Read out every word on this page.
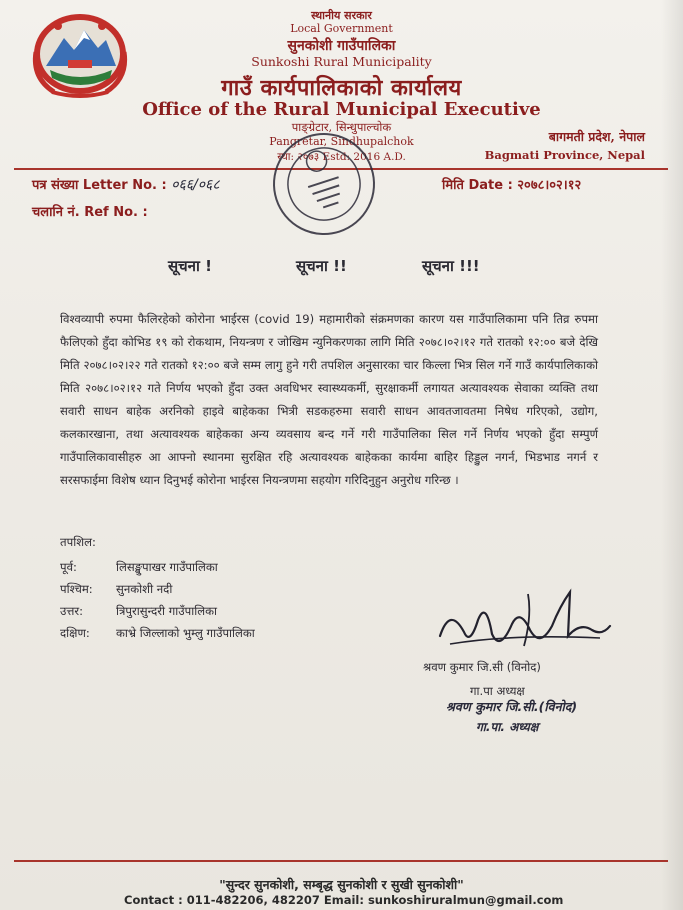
स्थानीय सरकार
Local Government
सुनकोशी गाउँपालिका
Sunkoshi Rural Municipality
गाउँ कार्यपालिकाको कार्यालय
Office of the Rural Municipal Executive
पाङ्ग्रेटार, सिन्धुपाल्चोक
Pangretar, Sindhupalchok
स्था: २०७३ Estd: 2016 A.D.
बागमती प्रदेश, नेपाल
Bagmati Province, Nepal
पत्र संख्या Letter No. : ०६६/०६८
चलानि नं. Ref No. :
मिति Date : २०७८।०२।१२
सूचना !	सूचना !!	सूचना !!!

विश्वव्यापी रुपमा फैलिरहेको कोरोना भाईरस (covid 19) महामारीको संक्रमणका कारण यस गाउँपालिकामा पनि तिव्र रुपमा फैलिएको हुँदा कोभिड १९ को रोकथाम, नियन्त्रण र जोखिम न्युनिकरणका लागि मिति २०७८।०२।१२ गते रातको १२:०० बजे देखि मिति २०७८।०२।२२ गते रातको १२:०० बजे सम्म लागु हुने गरी तपशिल अनुसारका चार किल्ला भित्र सिल गर्ने गाउँ कार्यपालिकाको मिति २०७८।०२।१२ गते निर्णय भएको हुँदा उक्त अवधिभर स्वास्थ्यकर्मी, सुरक्षाकर्मी लगायत अत्यावश्यक सेवाका व्यक्ति तथा सवारी साधन बाहेक अरनिको हाइवे बाहेकका भित्री सडकहरुमा सवारी साधन आवतजावतमा निषेध गरिएको, उद्योग, कलकारखाना, तथा अत्यावश्यक बाहेकका अन्य व्यवसाय बन्द गर्ने गरी गाउँपालिका सिल गर्ने निर्णय भएको हुँदा सम्पुर्ण गाउँपालिकावासीहरु आ आफ्नो स्थानमा सुरक्षित रहि अत्यावश्यक बाहेकका कार्यमा बाहिर हिड्डुल नगर्न, भिडभाड नगर्न र सरसफाईमा विशेष ध्यान दिनुभई कोरोना भाईरस नियन्त्रणमा सहयोग गरिदिनुहुन अनुरोध गरिन्छ ।

तपशिल:
पूर्व:	लिसङ्खुपाखर गाउँपालिका
पश्चिम:	सुनकोशी नदी
उत्तर:	त्रिपुरासुन्दरी गाउँपालिका
दक्षिण:	काभ्रे जिल्लाको भुम्लु गाउँपालिका
श्रवण कुमार जि.सी (विनोद)
गा.पा अध्यक्ष
श्रवण कुमार जि.सी.(विनोद)
गा.पा. अध्यक्ष
"सुन्दर सुनकोशी, सम्बृद्ध सुनकोशी र सुखी सुनकोशी"
Contact : 011-482206, 482207 Email: sunkoshiruralmun@gmail.com
